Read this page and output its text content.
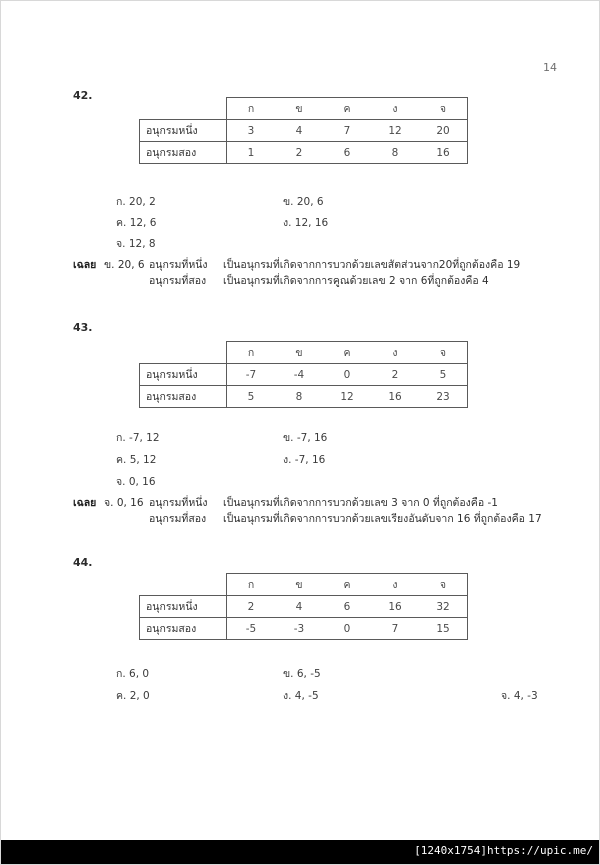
14
42.
	ก	ข	ค	ง	จ
อนุกรมหนึ่ง	3	4	7	12	20
อนุกรมสอง	1	2	6	8	16
ก. 20, 2	ข. 20, 6
ค. 12, 6	ง. 12, 16
จ. 12, 8
เฉลย ข. 20, 6 อนุกรมที่หนึ่ง เป็นอนุกรมที่เกิดจากการบวกด้วยเลขสัตส่วนจาก20ที่ถูกต้องคือ 19
อนุกรมที่สอง เป็นอนุกรมที่เกิดจากการคูณด้วยเลข 2 จาก 6ที่ถูกต้องคือ 4
43.
	ก	ข	ค	ง	จ
อนุกรมหนึ่ง	-7	-4	0	2	5
อนุกรมสอง	5	8	12	16	23
ก. -7, 12	ข. -7, 16
ค. 5, 12	ง. -7, 16
จ. 0, 16
เฉลย จ. 0, 16 อนุกรมที่หนึ่ง เป็นอนุกรมที่เกิดจากการบวกด้วยเลข 3 จาก 0 ที่ถูกต้องคือ -1
อนุกรมที่สอง เป็นอนุกรมที่เกิดจากการบวกด้วยเลขเรียงอันดับจาก 16 ที่ถูกต้องคือ 17
44.
	ก	ข	ค	ง	จ
อนุกรมหนึ่ง	2	4	6	16	32
อนุกรมสอง	-5	-3	0	7	15
ก. 6, 0	ข. 6, -5
ค. 2, 0	ง. 4, -5	จ. 4, -3
[1240x1754]https://upic.me/
